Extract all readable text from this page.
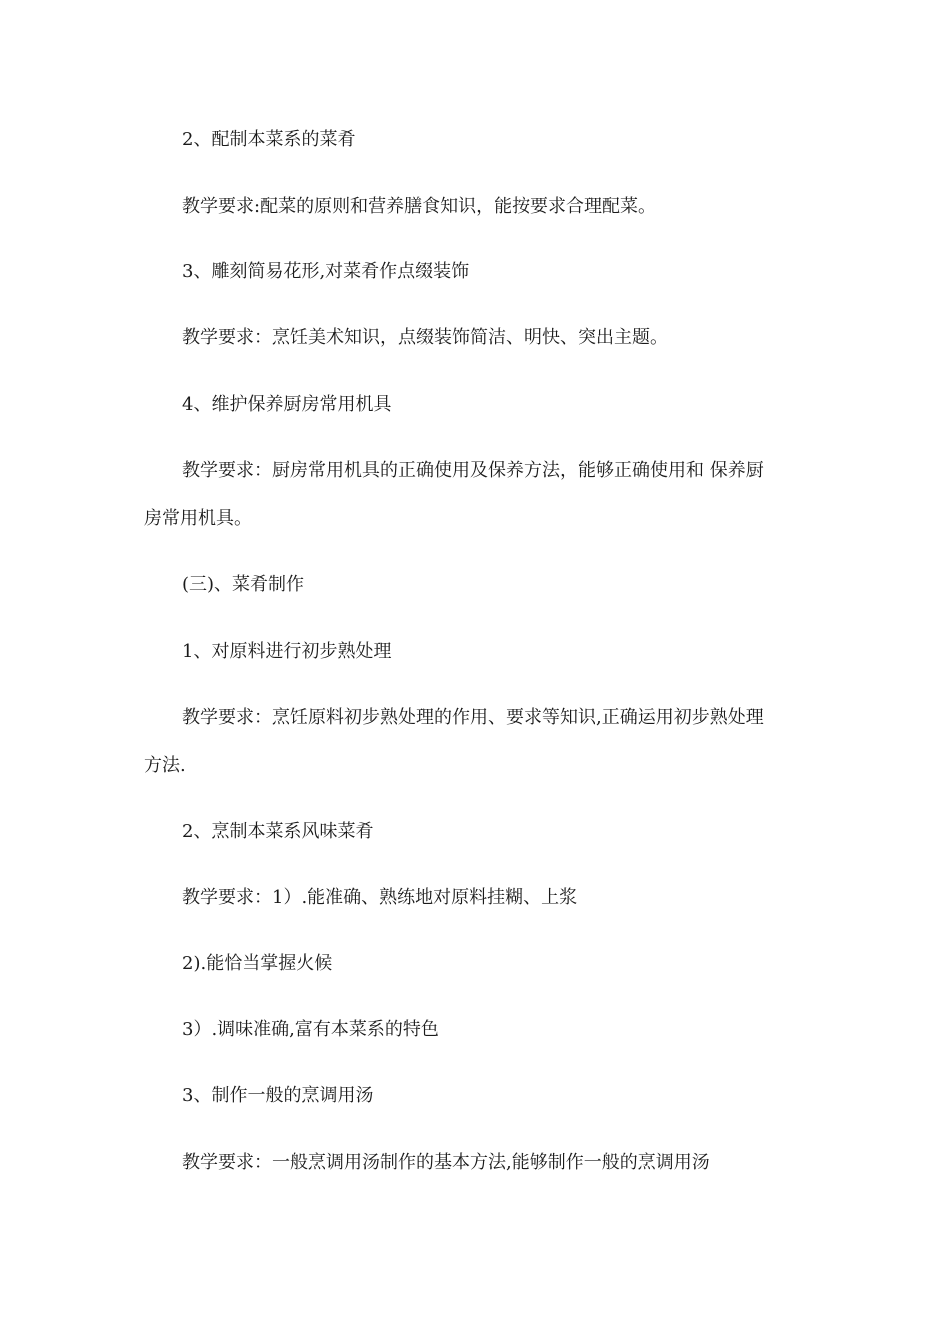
2、配制本菜系的菜肴
教学要求:配菜的原则和营养膳食知识，能按要求合理配菜。
3、雕刻简易花形,对菜肴作点缀装饰
教学要求：烹饪美术知识，点缀装饰简洁、明快、突出主题。
4、维护保养厨房常用机具
教学要求：厨房常用机具的正确使用及保养方法，能够正确使用和 保养厨
房常用机具。
(三)、菜肴制作
1、对原料进行初步熟处理
教学要求：烹饪原料初步熟处理的作用、要求等知识,正确运用初步熟处理
方法.
2、烹制本菜系风味菜肴
教学要求：1）.能准确、熟练地对原料挂糊、上浆
2).能恰当掌握火候
3）.调味准确,富有本菜系的特色
3、制作一般的烹调用汤
教学要求：一般烹调用汤制作的基本方法,能够制作一般的烹调用汤
